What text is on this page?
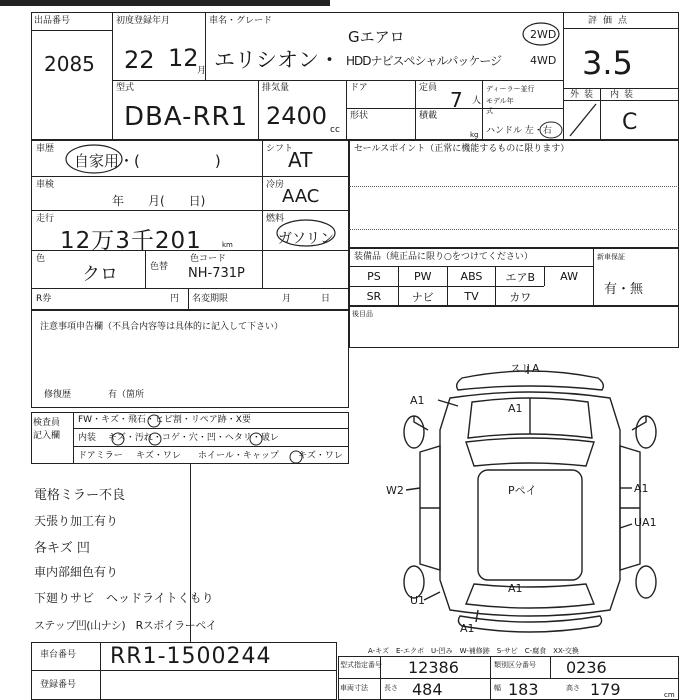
出品番号
2085
初度登録年月
22 12
月
車名・グレード
Gエアロ
エリシオン・ HDDナビスペシャルパッケージ
2WD
4WD
評価点
3.5
外装 内装
C
型式
DBA-RR1
排気量
2400 cc
ドア	定員 7 人
ディーラー並行
モデル年式
形状	積載
kg ハンドル 左・右
車歴
自家用・(　　　　　)
シフト
AT
車検
年　　月(　　日)
冷房
AAC
走行
12万3千201	km
燃料
ガソリン
色
クロ	色替
色コード
NH-731P
R券	円 名変期限	月　　日
セールスポイント（正常に機能するものに限ります）
装備品（純正品に限り○をつけてください）	新車保証
有・無
PS	PW	ABS	エアB	AW
SR	ナビ	TV	カワ
後目品
注意事項申告欄（不具合内容等は具体的に記入して下さい）
修復歴	有（箇所
検査員
記入欄
FW・キズ・飛石・ヒビ割・リペア跡・X要
内装 キズ・汚れ・コゲ・穴・凹・ヘタリ・破レ
ドアミラー キズ・ワレ ホイール・キャップ キズ・ワレ
電格ミラー不良
天張り加工有り
各キズ 凹
車内部細色有り
下廻りサビ　ヘッドライトくもり
ステップ凹(山ナシ)　Rスポイラーペイ
スリA
A1
A1
W2	Pペイ	A1
UA1
U1
A1
A1
A-キズ　E-エクボ　U-凹み　W-補修跡　S-サビ　C-腐食　XX-交換
車台番号 RR1-1500244
登録番号
型式指定番号 12386	類別区分番号 0236
車両寸法 長さ 484	幅 183	高さ 179	cm
